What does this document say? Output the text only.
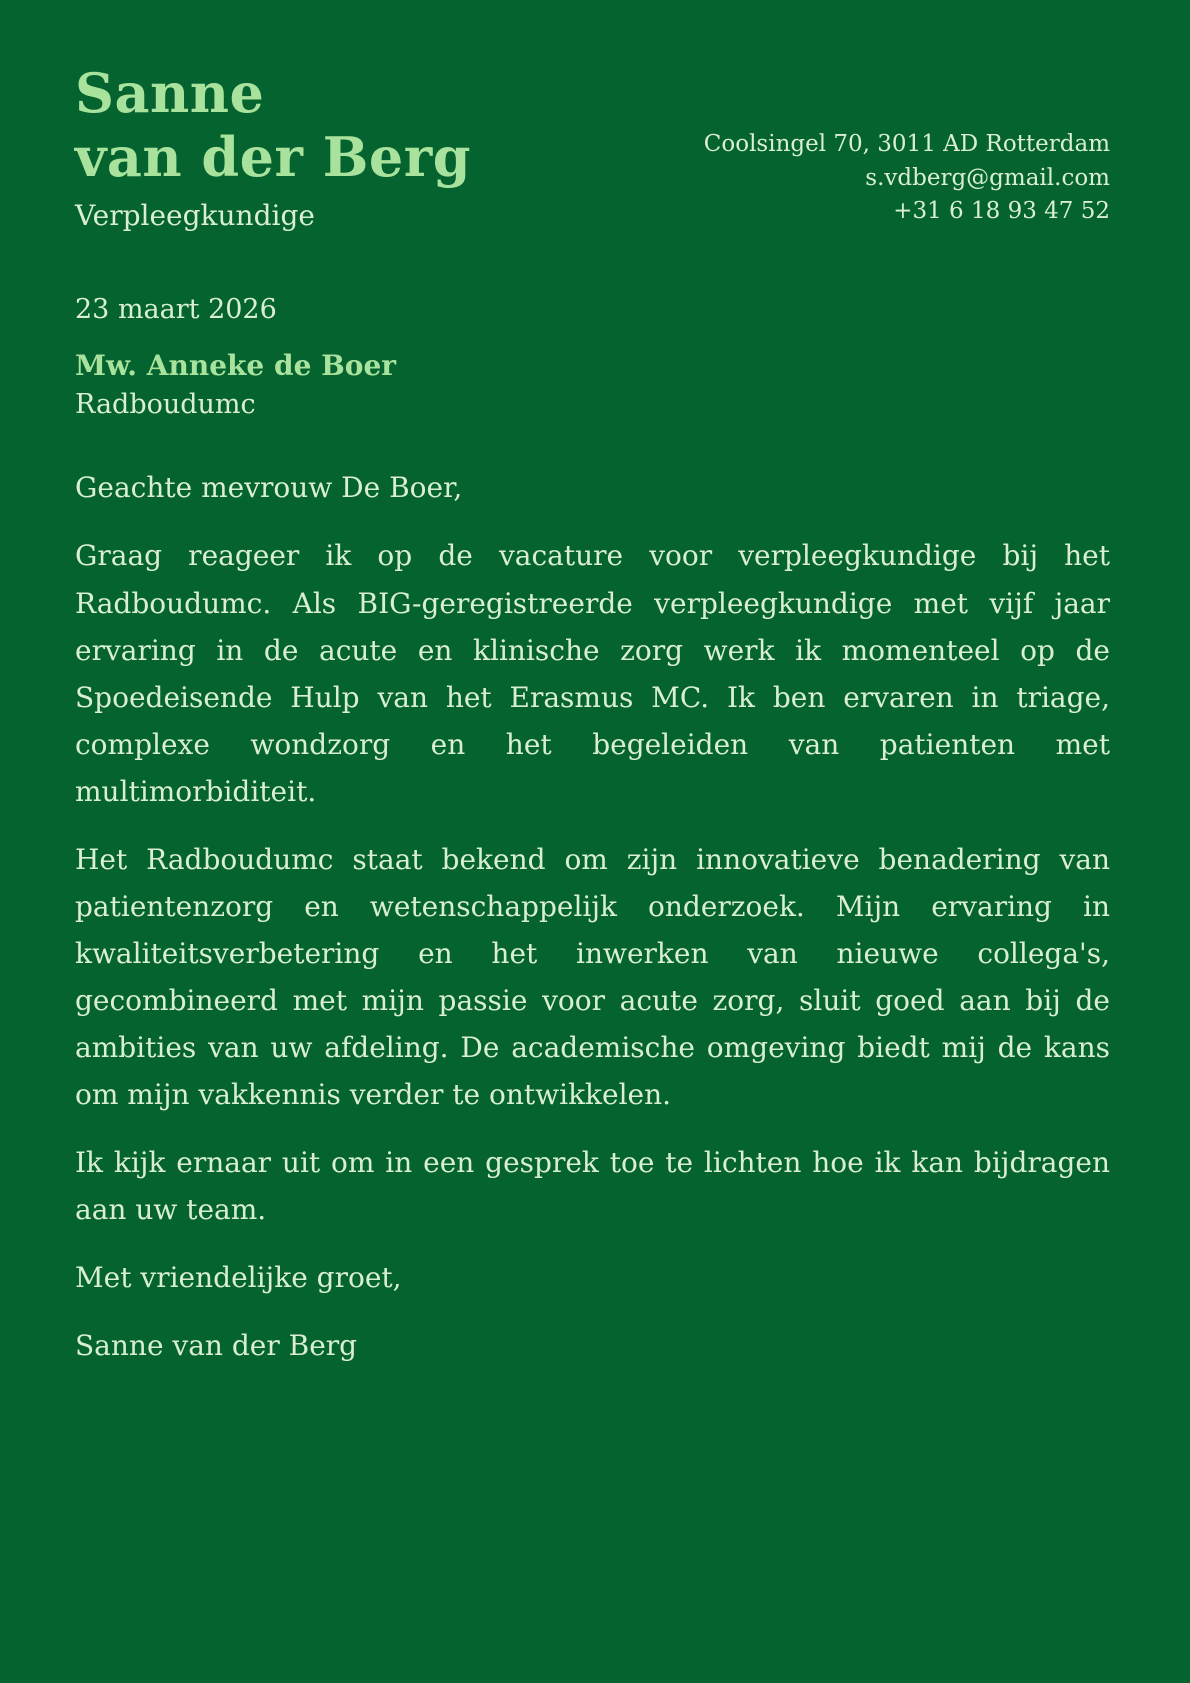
Sanne
van der Berg
Verpleegkundige
Coolsingel 70, 3011 AD Rotterdam
s.vdberg@gmail.com
+31 6 18 93 47 52
23 maart 2026
Mw. Anneke de Boer
Radboudumc

Geachte mevrouw De Boer,

Graag reageer ik op de vacature voor verpleegkundige bij het Radboudumc. Als BIG-geregistreerde verpleegkundige met vijf jaar ervaring in de acute en klinische zorg werk ik momenteel op de Spoedeisende Hulp van het Erasmus MC. Ik ben ervaren in triage, complexe wondzorg en het begeleiden van patienten met multimorbiditeit.

Het Radboudumc staat bekend om zijn innovatieve benadering van patientenzorg en wetenschappelijk onderzoek. Mijn ervaring in kwaliteitsverbetering en het inwerken van nieuwe collega's, gecombineerd met mijn passie voor acute zorg, sluit goed aan bij de ambities van uw afdeling. De academische omgeving biedt mij de kans om mijn vakkennis verder te ontwikkelen.

Ik kijk ernaar uit om in een gesprek toe te lichten hoe ik kan bijdragen aan uw team.

Met vriendelijke groet,

Sanne van der Berg
